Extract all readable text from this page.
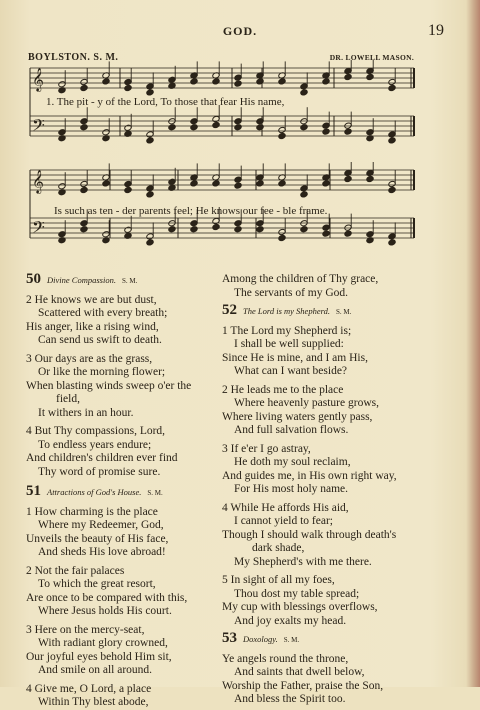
GOD.	19
BOYLSTON. S. M.	DR. LOWELL MASON.
𝄞
𝄢
1. The pit - y of the Lord, To those that fear His name,
𝄞
𝄢
Is such as ten - der parents feel; He knows our fee - ble frame.
50 Divine Compassion. S. M.
2 He knows we are but dust,
Scattered with every breath;
His anger, like a rising wind,
Can send us swift to death.
3 Our days are as the grass,
Or like the morning flower;
When blasting winds sweep o'er the
field,
It withers in an hour.
4 But Thy compassions, Lord,
To endless years endure;
And children's children ever find
Thy word of promise sure.
51 Attractions of God's House. S. M.
1 How charming is the place
Where my Redeemer, God,
Unveils the beauty of His face,
And sheds His love abroad!
2 Not the fair palaces
To which the great resort,
Are once to be compared with this,
Where Jesus holds His court.
3 Here on the mercy-seat,
With radiant glory crowned,
Our joyful eyes behold Him sit,
And smile on all around.
4 Give me, O Lord, a place
Within Thy blest abode,
Among the children of Thy grace,
The servants of my God.
52 The Lord is my Shepherd. S. M.
1 The Lord my Shepherd is;
I shall be well supplied:
Since He is mine, and I am His,
What can I want beside?
2 He leads me to the place
Where heavenly pasture grows,
Where living waters gently pass,
And full salvation flows.
3 If e'er I go astray,
He doth my soul reclaim,
And guides me, in His own right way,
For His most holy name.
4 While He affords His aid,
I cannot yield to fear;
Though I should walk through death's
dark shade,
My Shepherd's with me there.
5 In sight of all my foes,
Thou dost my table spread;
My cup with blessings overflows,
And joy exalts my head.
53 Doxology. S. M.
Ye angels round the throne,
And saints that dwell below,
Worship the Father, praise the Son,
And bless the Spirit too.
